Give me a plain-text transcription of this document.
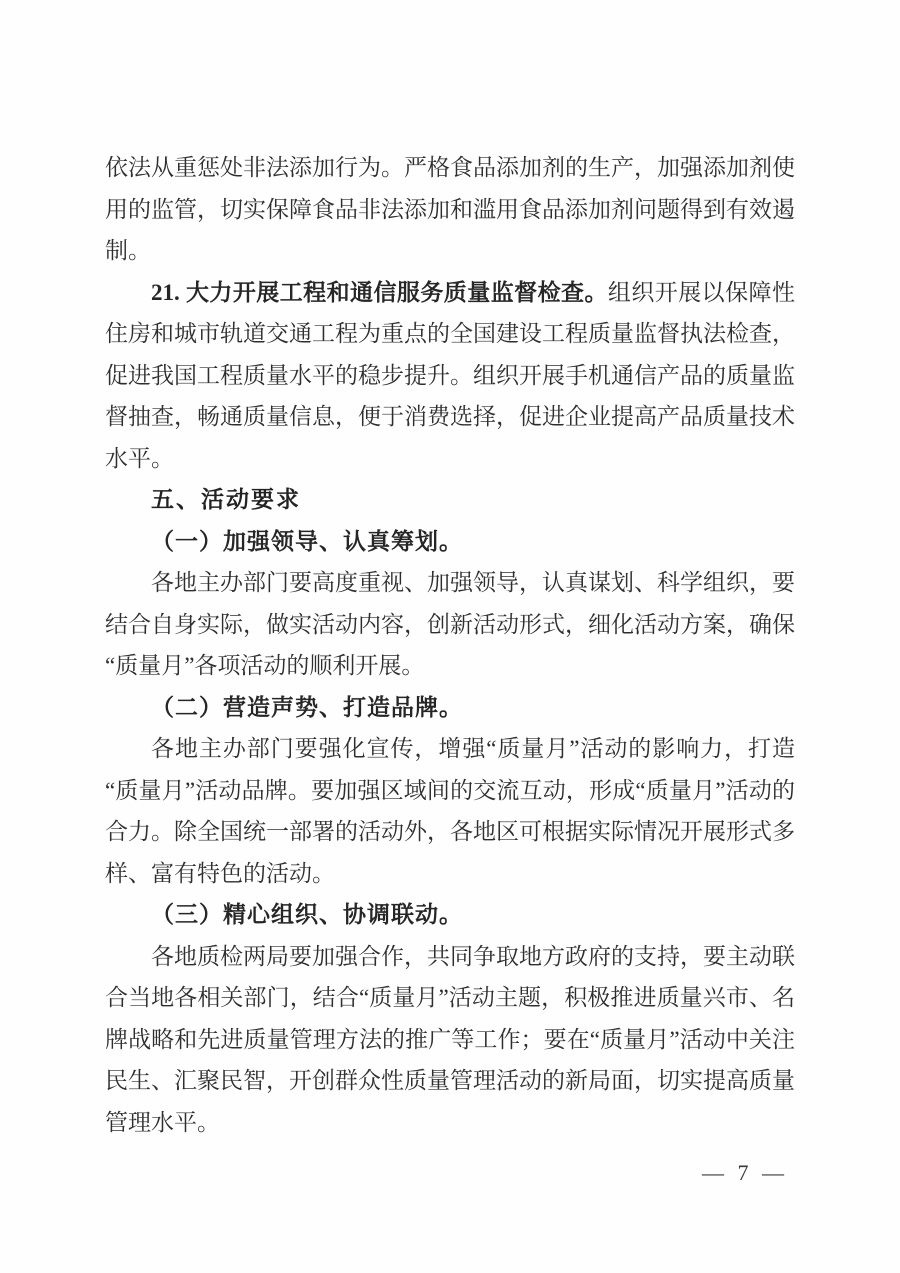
依法从重惩处非法添加行为。严格食品添加剂的生产，加强添加剂使用的监管，切实保障食品非法添加和滥用食品添加剂问题得到有效遏制。

21. 大力开展工程和通信服务质量监督检查。组织开展以保障性住房和城市轨道交通工程为重点的全国建设工程质量监督执法检查，促进我国工程质量水平的稳步提升。组织开展手机通信产品的质量监督抽查，畅通质量信息，便于消费选择，促进企业提高产品质量技术水平。

五、活动要求

（一）加强领导、认真筹划。

各地主办部门要高度重视、加强领导，认真谋划、科学组织，要结合自身实际，做实活动内容，创新活动形式，细化活动方案，确保“质量月”各项活动的顺利开展。

（二）营造声势、打造品牌。

各地主办部门要强化宣传，增强“质量月”活动的影响力，打造“质量月”活动品牌。要加强区域间的交流互动，形成“质量月”活动的合力。除全国统一部署的活动外，各地区可根据实际情况开展形式多样、富有特色的活动。

（三）精心组织、协调联动。

各地质检两局要加强合作，共同争取地方政府的支持，要主动联合当地各相关部门，结合“质量月”活动主题，积极推进质量兴市、名牌战略和先进质量管理方法的推广等工作；要在“质量月”活动中关注民生、汇聚民智，开创群众性质量管理活动的新局面，切实提高质量管理水平。

— 7 —
